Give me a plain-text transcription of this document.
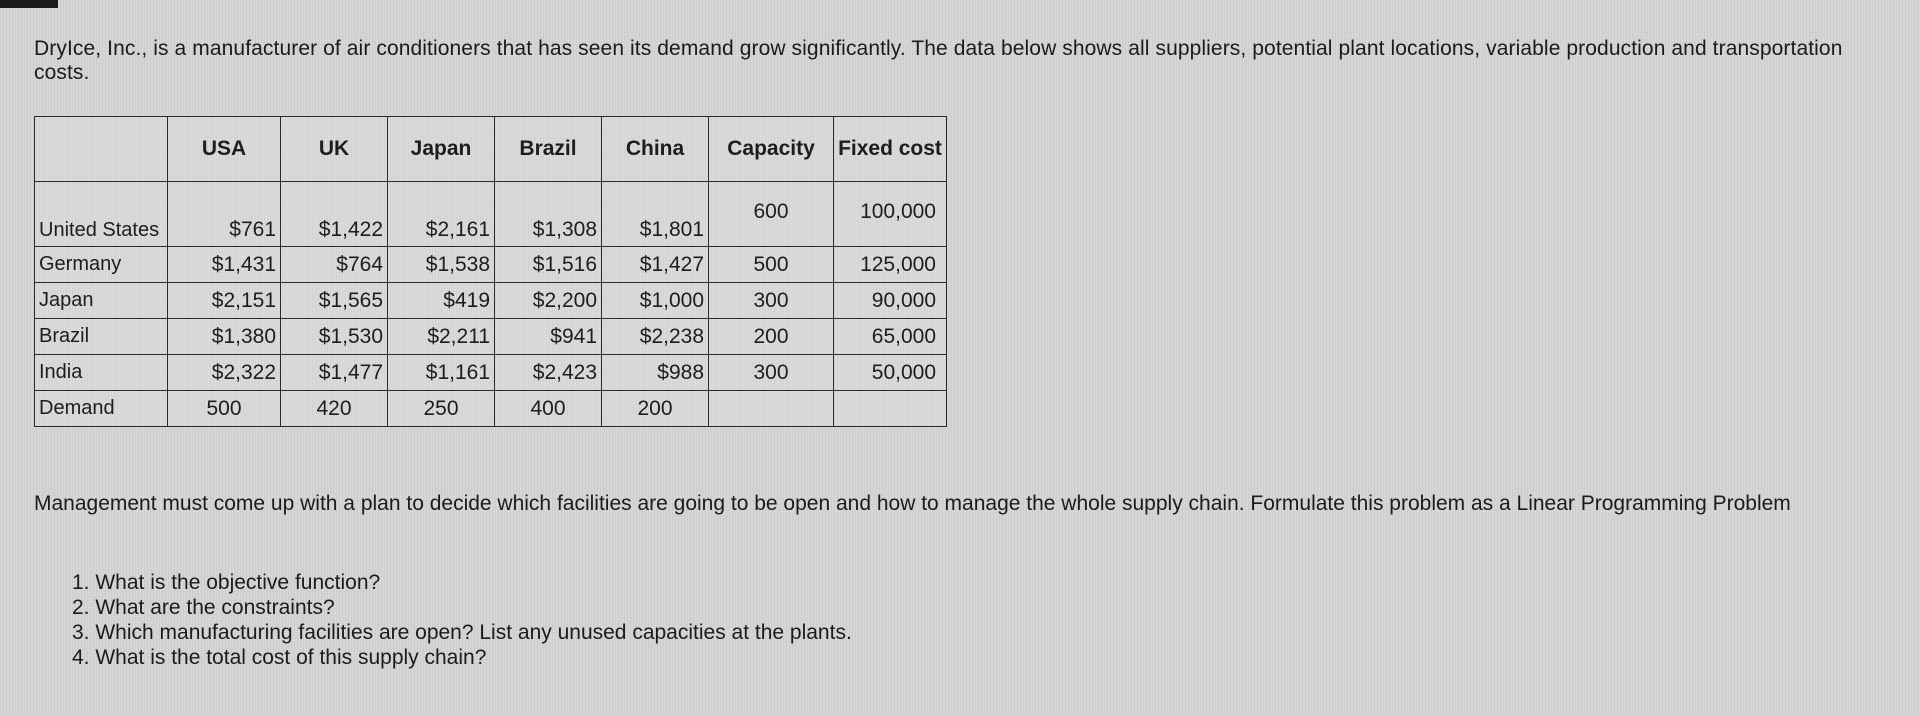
DryIce, Inc., is a manufacturer of air conditioners that has seen its demand grow significantly. The data below shows all suppliers, potential plant locations, variable production and transportation costs.
	USA	UK	Japan	Brazil	China	Capacity	Fixed cost
United States	$761	$1,422	$2,161	$1,308	$1,801	600	100,000
Germany	$1,431	$764	$1,538	$1,516	$1,427	500	125,000
Japan	$2,151	$1,565	$419	$2,200	$1,000	300	90,000
Brazil	$1,380	$1,530	$2,211	$941	$2,238	200	65,000
India	$2,322	$1,477	$1,161	$2,423	$988	300	50,000
Demand	500	420	250	400	200		
Management must come up with a plan to decide which facilities are going to be open and how to manage the whole supply chain. Formulate this problem as a Linear Programming Problem
1. What is the objective function?
2. What are the constraints?
3. Which manufacturing facilities are open? List any unused capacities at the plants.
4. What is the total cost of this supply chain?
